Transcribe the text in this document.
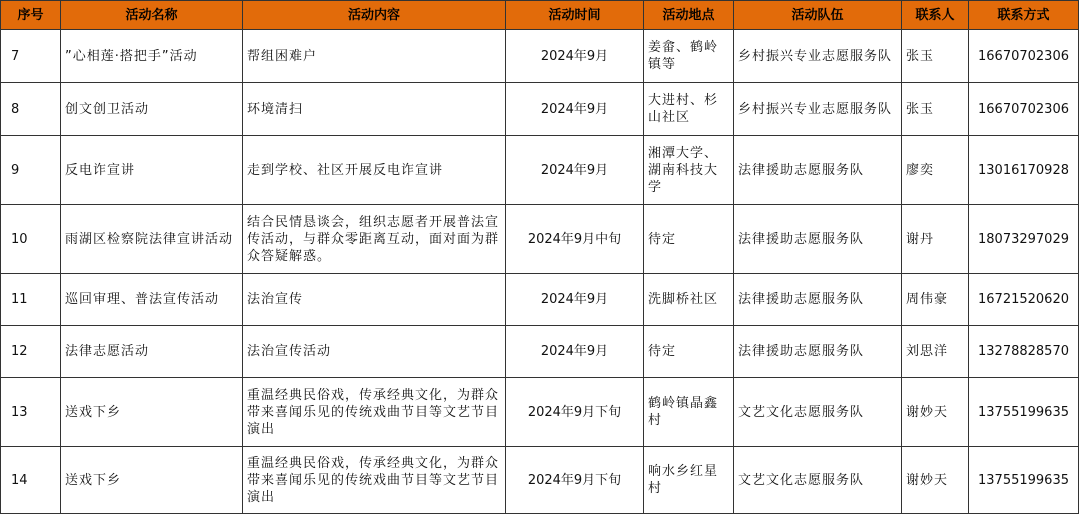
序号	活动名称	活动内容	活动时间	活动地点	活动队伍	联系人	联系方式
7	”心相莲·搭把手”活动	帮组困难户	2024年9月	姜畲、鹤岭镇等	乡村振兴专业志愿服务队	张玉	16670702306
8	创文创卫活动	环境清扫	2024年9月	大进村、杉山社区	乡村振兴专业志愿服务队	张玉	16670702306
9	反电诈宣讲	走到学校、社区开展反电诈宣讲	2024年9月	湘潭大学、湖南科技大学	法律援助志愿服务队	廖奕	13016170928
10	雨湖区检察院法律宣讲活动	结合民情恳谈会，组织志愿者开展普法宣传活动，与群众零距离互动，面对面为群众答疑解惑。	2024年9月中旬	待定	法律援助志愿服务队	谢丹	18073297029
11	巡回审理、普法宣传活动	法治宣传	2024年9月	洗脚桥社区	法律援助志愿服务队	周伟豪	16721520620
12	法律志愿活动	法治宣传活动	2024年9月	待定	法律援助志愿服务队	刘思洋	13278828570
13	送戏下乡	重温经典民俗戏，传承经典文化，为群众带来喜闻乐见的传统戏曲节目等文艺节目演出	2024年9月下旬	鹤岭镇晶鑫村	文艺文化志愿服务队	谢妙天	13755199635
14	送戏下乡	重温经典民俗戏，传承经典文化，为群众带来喜闻乐见的传统戏曲节目等文艺节目演出	2024年9月下旬	响水乡红星村	文艺文化志愿服务队	谢妙天	13755199635
